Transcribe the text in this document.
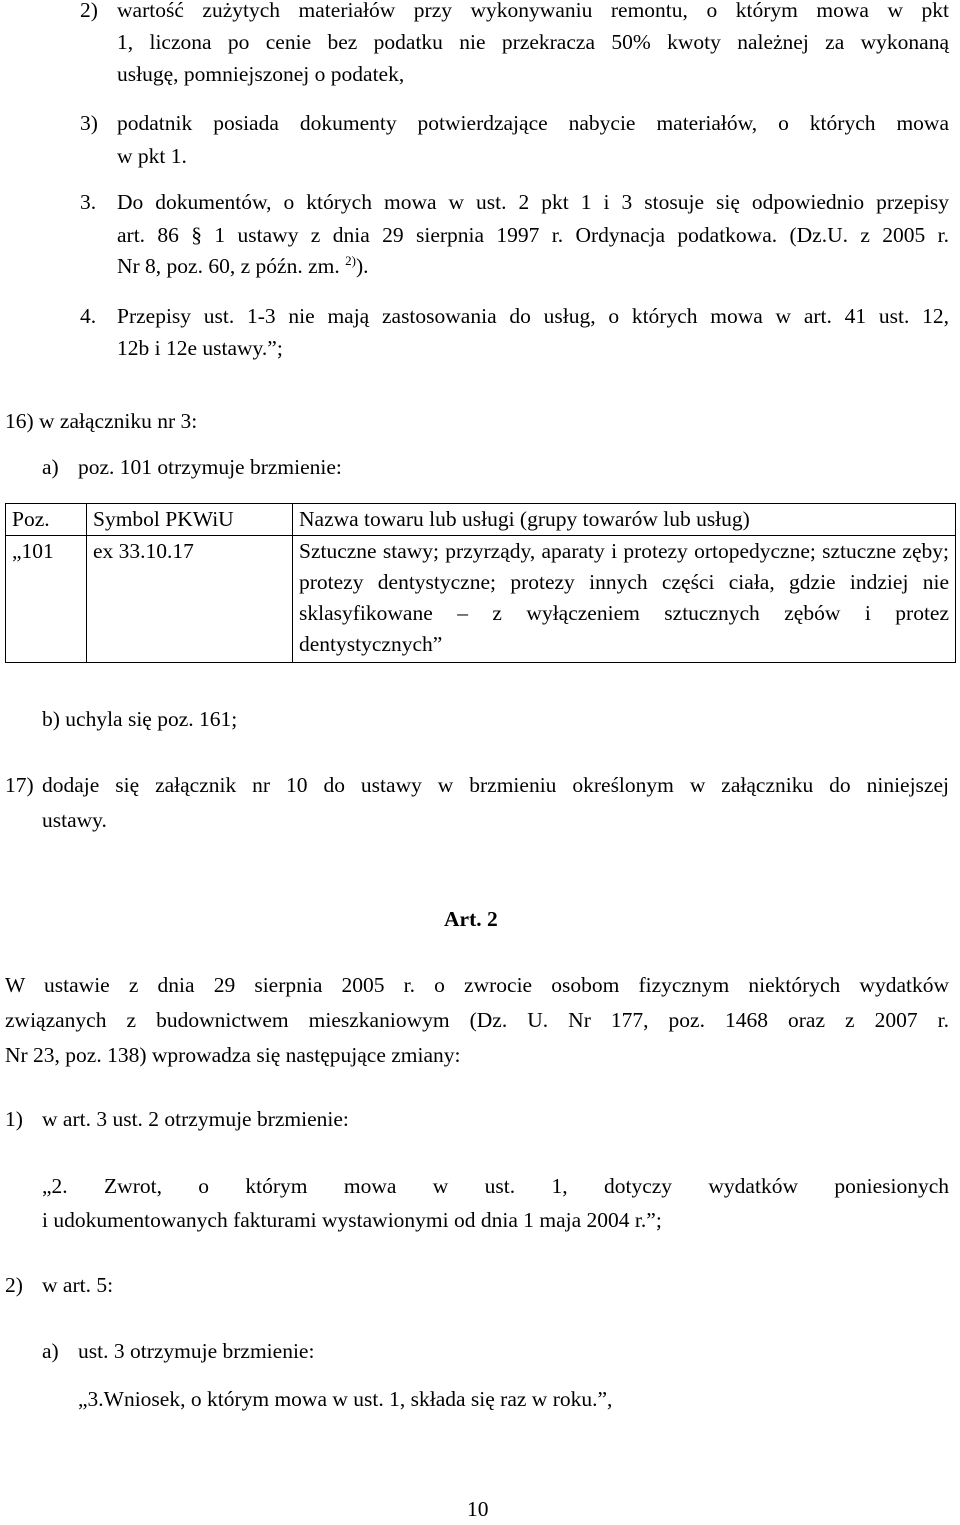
2) wartość zużytych materiałów przy wykonywaniu remontu, o którym mowa w pkt
1, liczona po cenie bez podatku nie przekracza 50% kwoty należnej za wykonaną
usługę, pomniejszonej o podatek,
3) podatnik posiada dokumenty potwierdzające nabycie materiałów, o których mowa
w pkt 1.
3. Do dokumentów, o których mowa w ust. 2 pkt 1 i 3 stosuje się odpowiednio przepisy
art. 86 § 1 ustawy z dnia 29 sierpnia 1997 r. Ordynacja podatkowa. (Dz.U. z 2005 r.
Nr 8, poz. 60, z późn. zm. $^{2)}$).
4. Przepisy ust. 1-3 nie mają zastosowania do usług, o których mowa w art. 41 ust. 12,
12b i 12e ustawy.”;
16) w załączniku nr 3:
a) poz. 101 otrzymuje brzmienie:
Poz.	Symbol PKWiU	Nazwa towaru lub usługi (grupy towarów lub usług)
„101	ex 33.10.17	Sztuczne stawy; przyrządy, aparaty i protezy ortopedyczne; sztuczne zęby; protezy dentystyczne; protezy innych części ciała, gdzie indziej nie sklasyfikowane – z wyłączeniem sztucznych zębów i protez dentystycznych”
b) uchyla się poz. 161;
17) dodaje się załącznik nr 10 do ustawy w brzmieniu określonym w załączniku do niniejszej
ustawy.
Art. 2
W ustawie z dnia 29 sierpnia 2005 r. o zwrocie osobom fizycznym niektórych wydatków
związanych z budownictwem mieszkaniowym (Dz. U. Nr 177, poz. 1468 oraz z 2007 r.
Nr 23, poz. 138) wprowadza się następujące zmiany:
1) w art. 3 ust. 2 otrzymuje brzmienie:
„2. Zwrot, o którym mowa w ust. 1, dotyczy wydatków poniesionych
i udokumentowanych fakturami wystawionymi od dnia 1 maja 2004 r.”;
2) w art. 5:
a) ust. 3 otrzymuje brzmienie:
„3.Wniosek, o którym mowa w ust. 1, składa się raz w roku.”,
10
